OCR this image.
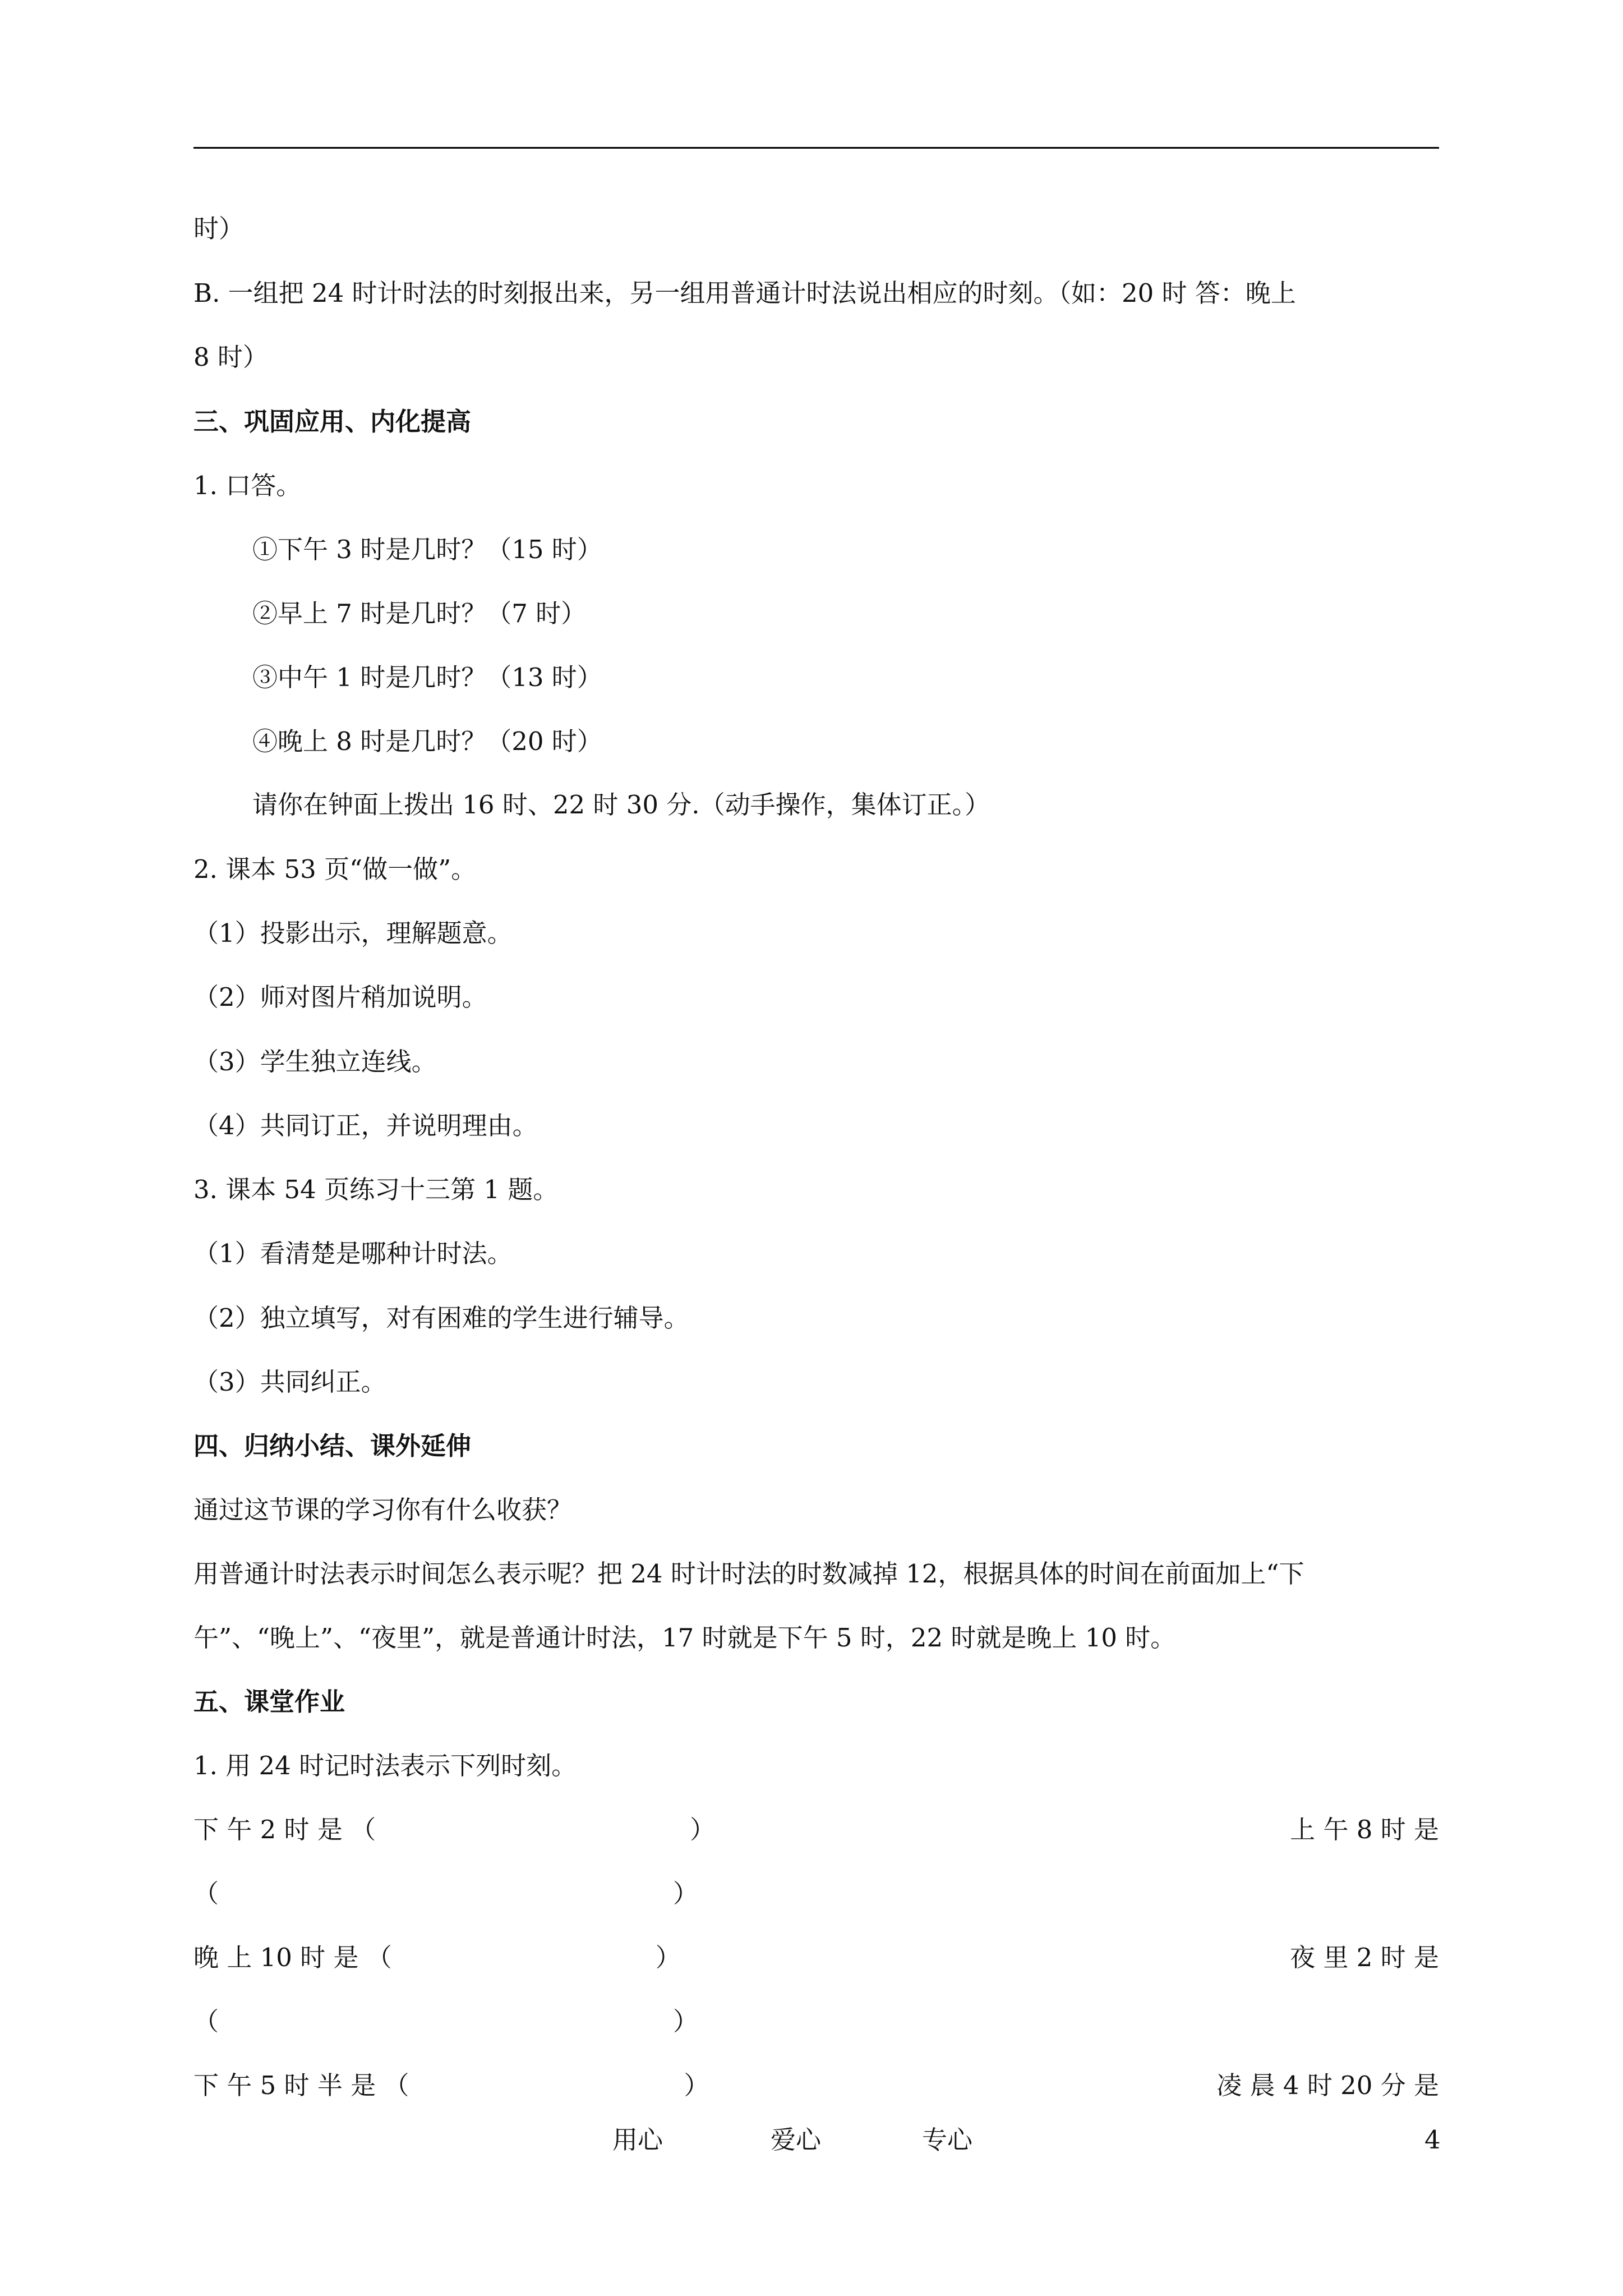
时）
B. 一组把 24 时计时法的时刻报出来，另一组用普通计时法说出相应的时刻。（如：20 时 答：晚上
8 时）
三、巩固应用、内化提高
1. 口答。
①下午 3 时是几时？（15 时）
②早上 7 时是几时？（7 时）
③中午 1 时是几时？（13 时）
④晚上 8 时是几时？（20 时）
请你在钟面上拨出 16 时、22 时 30 分.（动手操作，集体订正。）
2. 课本 53 页“做一做”。
（1）投影出示，理解题意。
（2）师对图片稍加说明。
（3）学生独立连线。
（4）共同订正，并说明理由。
3. 课本 54 页练习十三第 1 题。
（1）看清楚是哪种计时法。
（2）独立填写，对有困难的学生进行辅导。
（3）共同纠正。
四、归纳小结、课外延伸
通过这节课的学习你有什么收获？
用普通计时法表示时间怎么表示呢？把 24 时计时法的时数减掉 12，根据具体的时间在前面加上“下
午”、“晚上”、“夜里”，就是普通计时法，17 时就是下午 5 时，22 时就是晚上 10 时。
五、课堂作业
1. 用 24 时记时法表示下列时刻。
下 午 2 时 是 （	）	上 午 8 时 是
（	）
晚 上 10 时 是 （	）	夜 里 2 时 是
（	）
下 午 5 时 半 是 （	）	凌 晨 4 时 20 分 是
用心	爱心	专心	4
